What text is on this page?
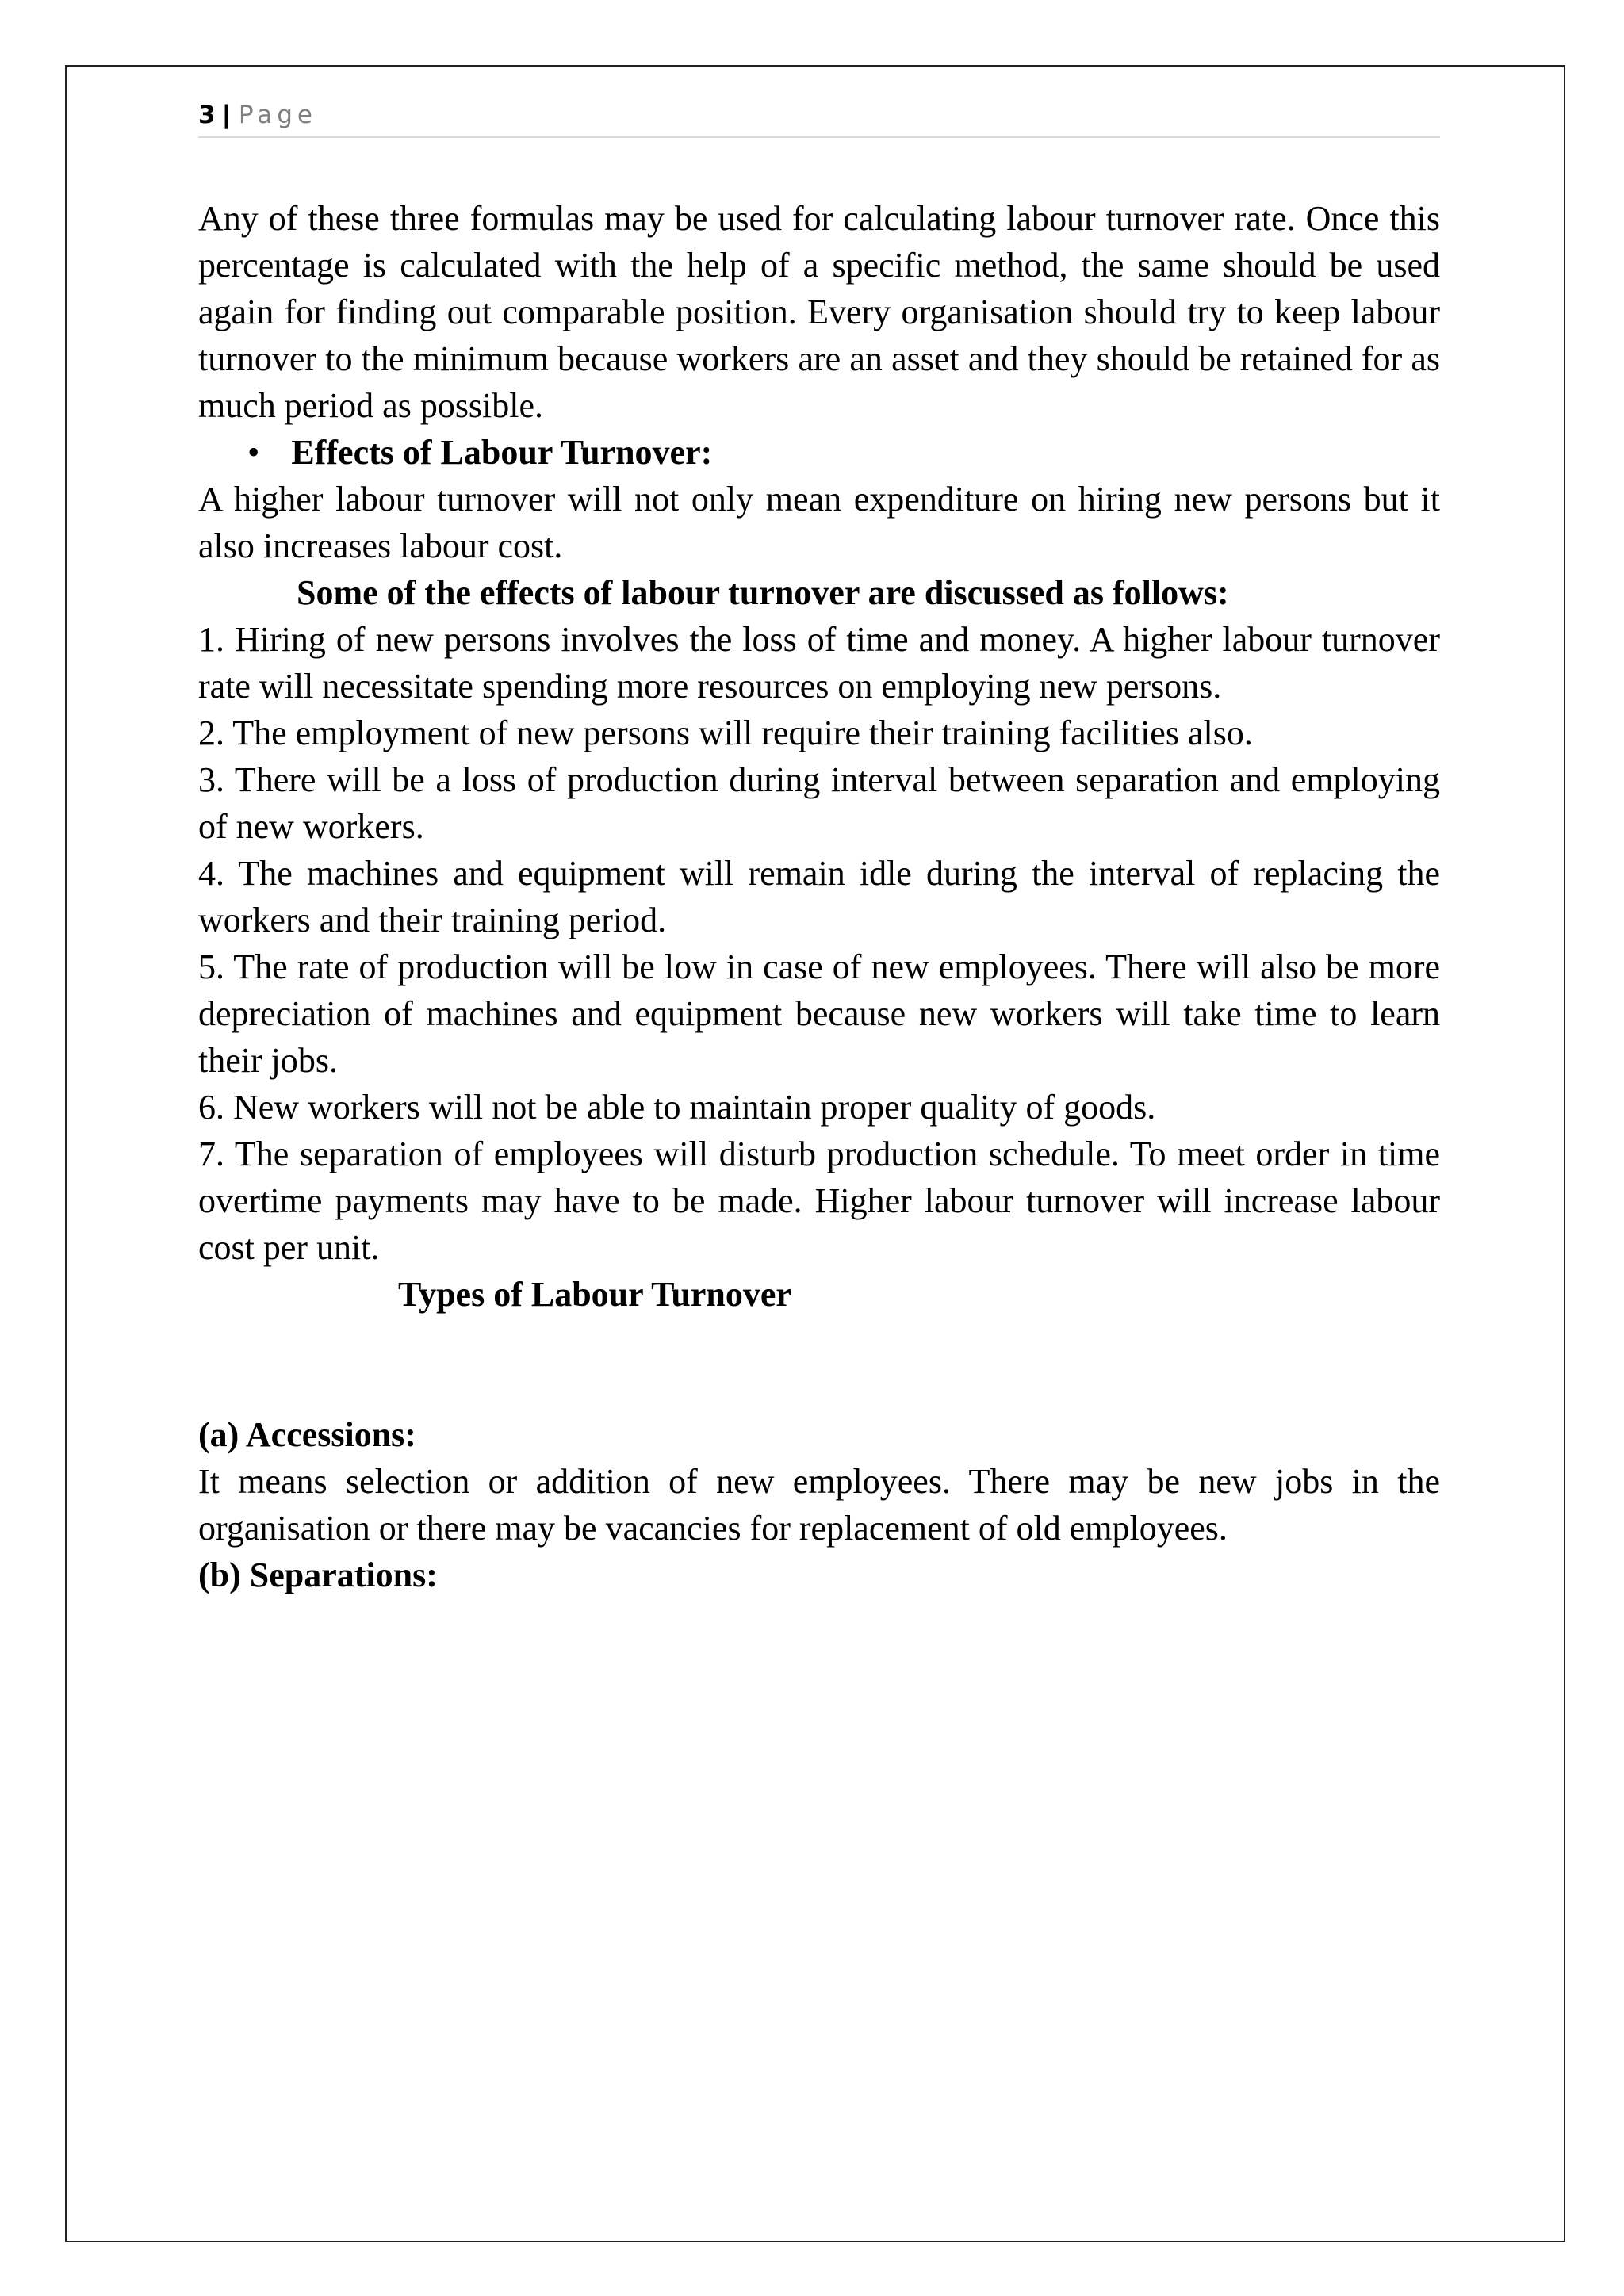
3 | Page

Any of these three formulas may be used for calculating labour turnover rate. Once this percentage is calculated with the help of a specific method, the same should be used again for finding out comparable position. Every organisation should try to keep labour turnover to the minimum because workers are an asset and they should be retained for as much period as possible.

• Effects of Labour Turnover:

A higher labour turnover will not only mean expenditure on hiring new persons but it also increases labour cost.

Some of the effects of labour turnover are discussed as follows:

1. Hiring of new persons involves the loss of time and money. A higher labour turnover rate will necessitate spending more resources on employing new persons.

2. The employment of new persons will require their training facilities also.

3. There will be a loss of production during interval between separation and employing of new workers.

4. The machines and equipment will remain idle during the interval of replacing the workers and their training period.

5. The rate of production will be low in case of new employees. There will also be more depreciation of machines and equipment because new workers will take time to learn their jobs.

6. New workers will not be able to maintain proper quality of goods.

7. The separation of employees will disturb production schedule. To meet order in time overtime payments may have to be made. Higher labour turnover will increase labour cost per unit.

Types of Labour Turnover

(a) Accessions:

It means selection or addition of new employees. There may be new jobs in the organisation or there may be vacancies for replacement of old employees.

(b) Separations:
